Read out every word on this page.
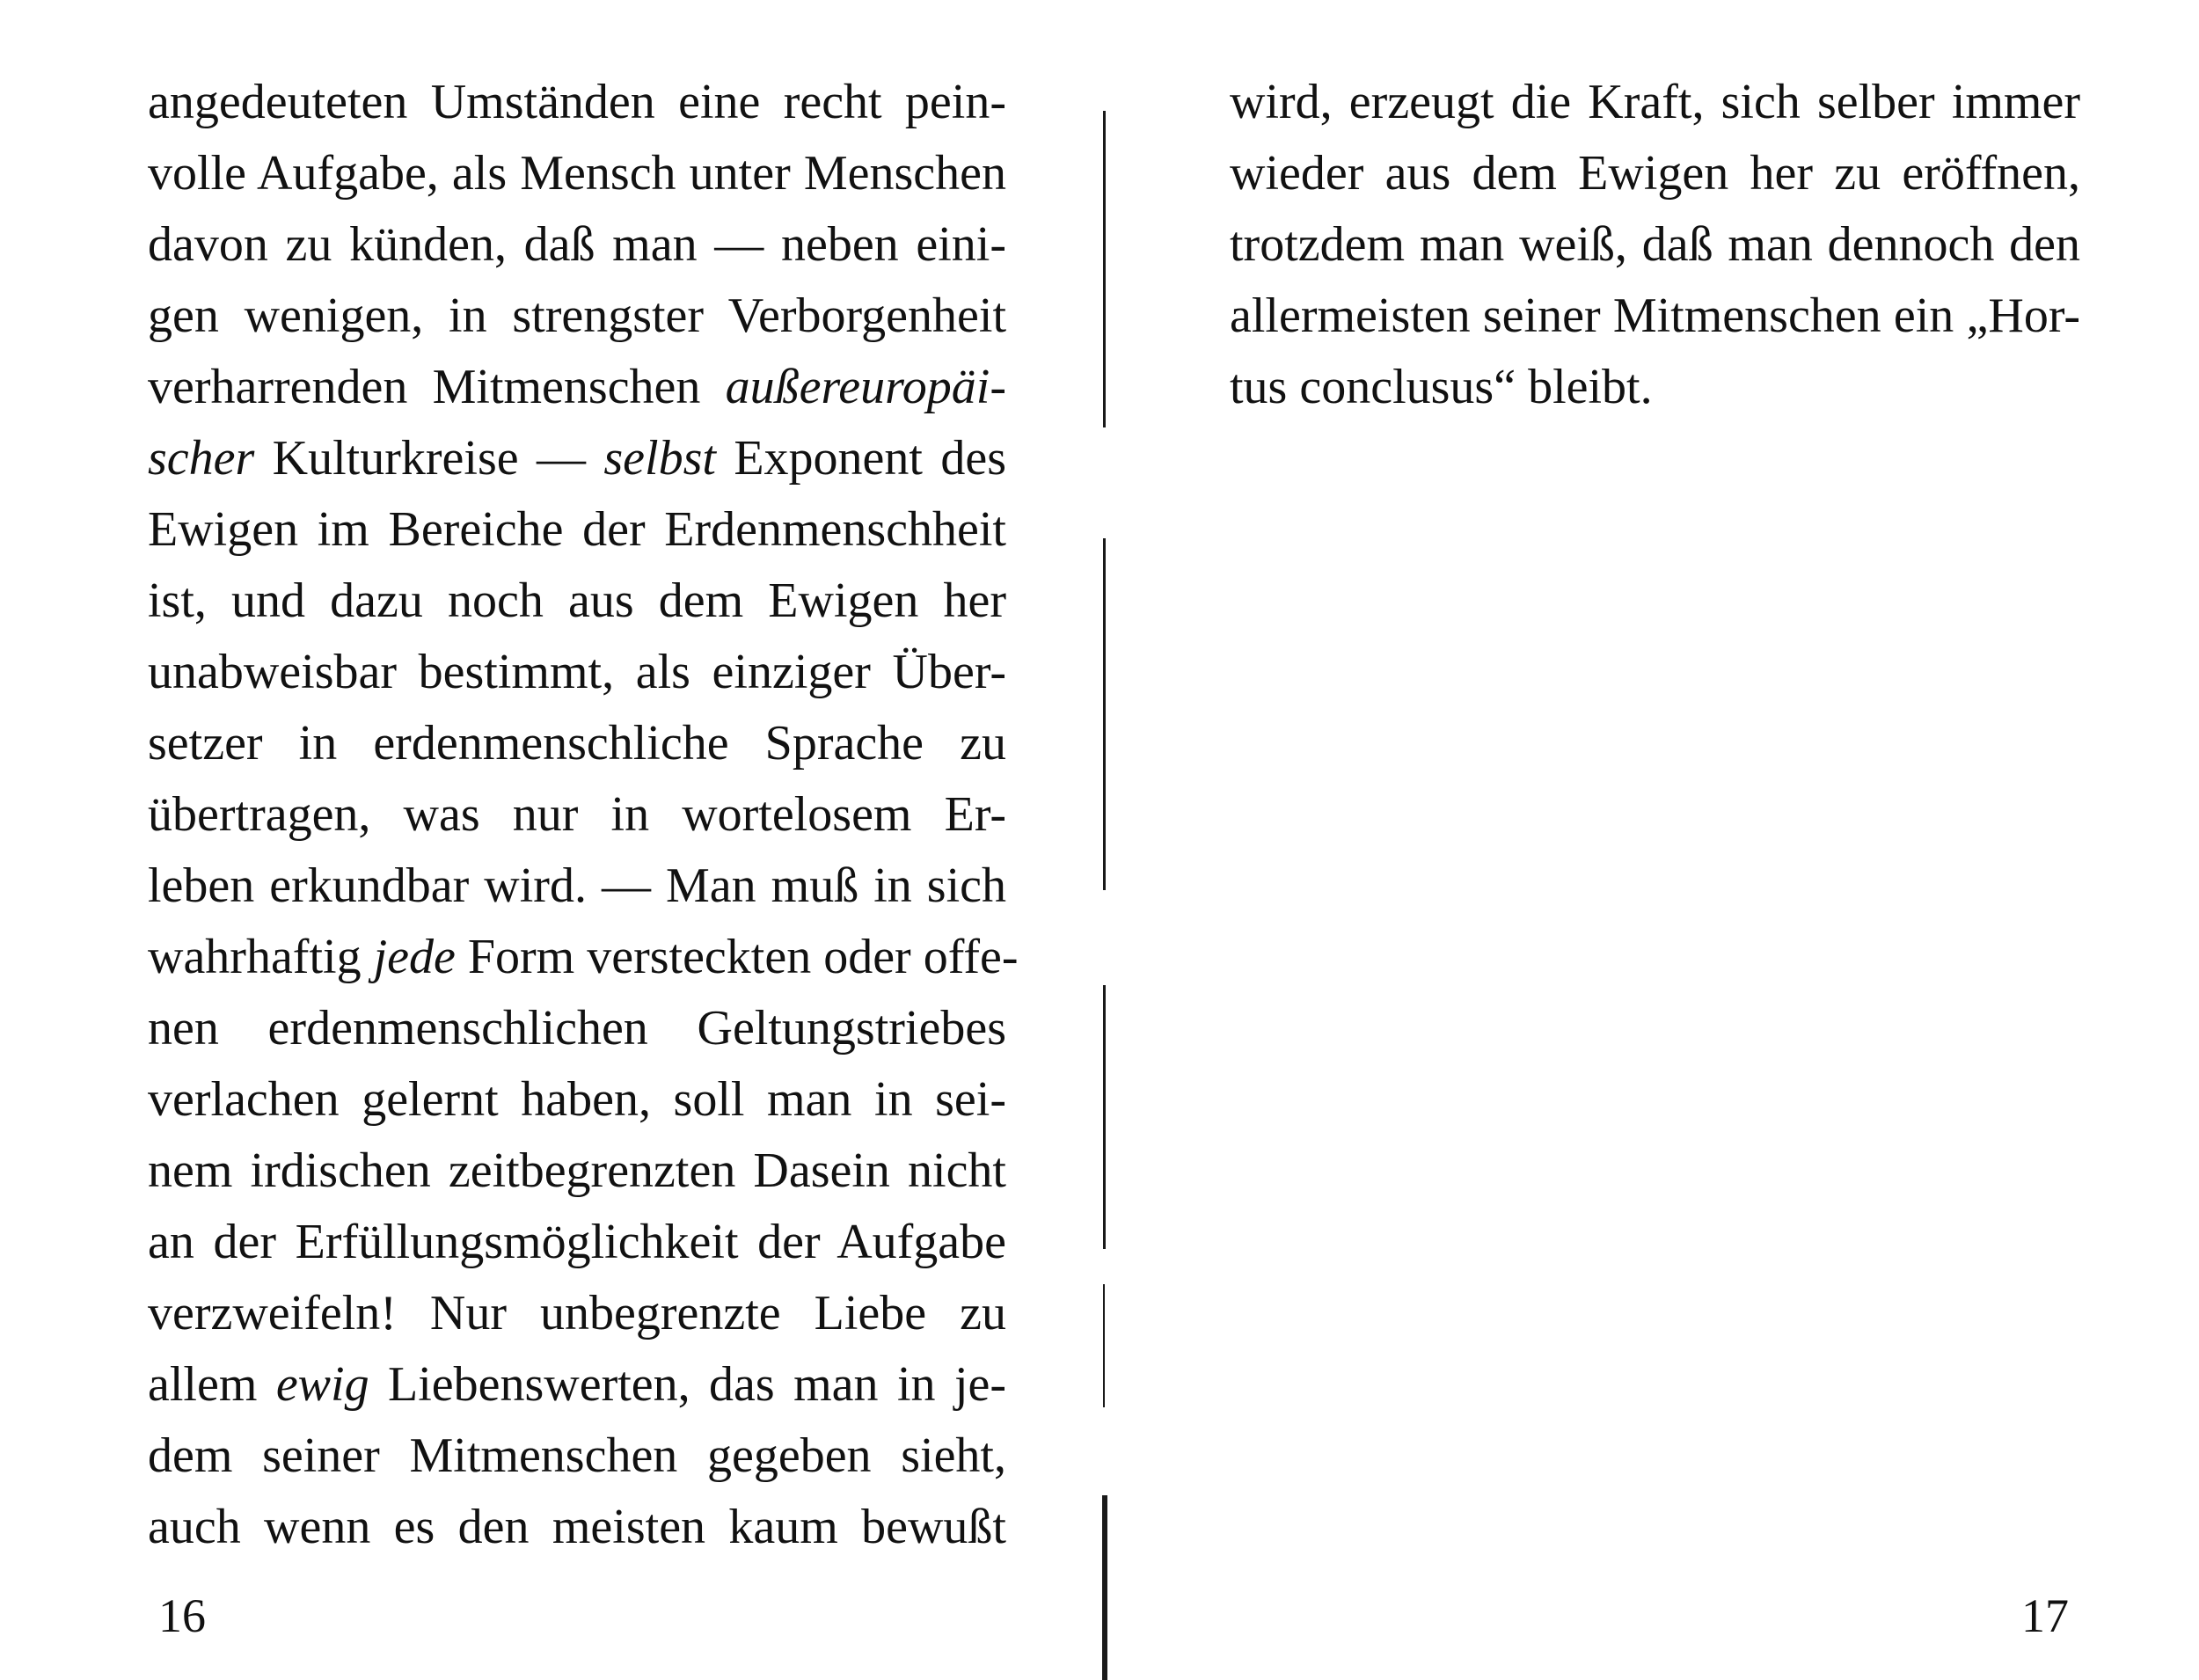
angedeuteten Umständen eine recht pein-
volle Aufgabe, als Mensch unter Menschen
davon zu künden, daß man — neben eini-
gen wenigen, in strengster Verborgenheit
verharrenden Mitmenschen außereuropäi-
scher Kulturkreise — selbst Exponent des
Ewigen im Bereiche der Erdenmenschheit
ist, und dazu noch aus dem Ewigen her
unabweisbar bestimmt, als einziger Über-
setzer in erdenmenschliche Sprache zu
übertragen, was nur in wortelosem Er-
leben erkundbar wird. — Man muß in sich
wahrhaftig jede Form versteckten oder offe-
nen erdenmenschlichen Geltungstriebes
verlachen gelernt haben, soll man in sei-
nem irdischen zeitbegrenzten Dasein nicht
an der Erfüllungsmöglichkeit der Aufgabe
verzweifeln! Nur unbegrenzte Liebe zu
allem ewig Liebenswerten, das man in je-
dem seiner Mitmenschen gegeben sieht,
auch wenn es den meisten kaum bewußt
16
wird, erzeugt die Kraft, sich selber immer
wieder aus dem Ewigen her zu eröffnen,
trotzdem man weiß, daß man dennoch den
allermeisten seiner Mitmenschen ein „Hor-
tus conclusus“ bleibt.
17
